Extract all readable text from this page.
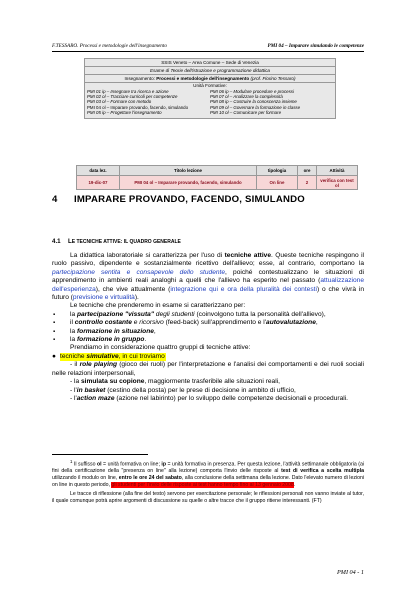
F.TESSARO. Processi e metodologie dell'insegnamento	PMI 04 – Imparare simulando le competenze
SSIS Veneto – Area Comune – Sede di Venezia
Esame di Teorie dell'istruzione e programmazione didattica
Insegnamento: Processi e metodologie dell'insegnamento (prof. Fiorino Tessaro)
Unità Formative:
PMI 01 ip – Insegnare tra ricerca e azione
PMI 02 ol – Tracciare curricoli per competenze
PMI 03 ol – Formare con metodo
PMI 04 ol – Imparare provando, facendo, simulando
PMI 05 ip – Progettare l'insegnamento
PMI 06 ip – Modulare procedure e processi
PMI 07 ol – Analizzare la complessità
PMI 08 ip – Costruire la conoscenza insieme
PMI 09 ol – Governare la formazione in classe
PMI 10 ol – Comunicare per formare
data lez.	Titolo lezione	tipologia	ore	Attività
19-dic-07	PMI 04 ol – Imparare provando, facendo, simulando	On line	2	verifica con test ol
4 IMPARARE PROVANDO, FACENDO, SIMULANDO
4.1 LE TECNICHE ATTIVE: IL QUADRO GENERALE

La didattica laboratoriale si caratterizza per l'uso di tecniche attive. Queste tecniche respingono il ruolo passivo, dipendente e sostanzialmente ricettivo dell'allievo; esse, al contrario, comportano la partecipazione sentita e consapevole dello studente, poiché contestualizzano le situazioni di apprendimento in ambienti reali analoghi a quelli che l'allievo ha esperito nel passato (attualizzazione dell'esperienza), che vive attualmente (integrazione qui e ora della pluralità dei contesti) o che vivrà in futuro (previsione e virtualità).

Le tecniche che prenderemo in esame si caratterizzano per:

▪ la partecipazione "vissuta" degli studenti (coinvolgono tutta la personalità dell'allievo),
▪ il controllo costante e ricorsivo (feed-back) sull'apprendimento e l'autovalutazione,
▪ la formazione in situazione,
▪ la formazione in gruppo.

Prendiamo in considerazione quattro gruppi di tecniche attive:

● tecniche simulative, in cui troviamo

- il role playing (gioco dei ruoli) per l'interpretazione e l'analisi dei comportamenti e dei ruoli sociali nelle relazioni interpersonali,

- la simulata su copione, maggiormente trasferibile alle situazioni reali,

- l'in basket (cestino della posta) per le prese di decisione in ambito di ufficio,

- l'action maze (azione nel labirinto) per lo sviluppo delle competenze decisionali e procedurali.

$^1$ Il suffisso ol = unità formativa on line; ip = unità formativa in presenza. Per questa lezione, l'attività settimanale obbligatoria (ai fini della certificazione della "presenza on line" alla lezione) comporta l'invio delle risposte al test di verifica a scelta multipla utilizzando il modulo on line, entro le ore 24 del sabato, alla conclusione della settimana della lezione. Dato l'elevato numero di lezioni on line in questo periodo, gli studenti per l'invio delle risposte ai test hanno tempo fino al 13 gennaio 2008.

Le tracce di riflessione (alla fine del testo) servono per esercitazione personale; le riflessioni personali non vanno inviate al tutor, il quale comunque potrà aprire argomenti di discussione su quelle o altre tracce che il gruppo ritiene interessanti. (FT)

PMI 04 - 1
